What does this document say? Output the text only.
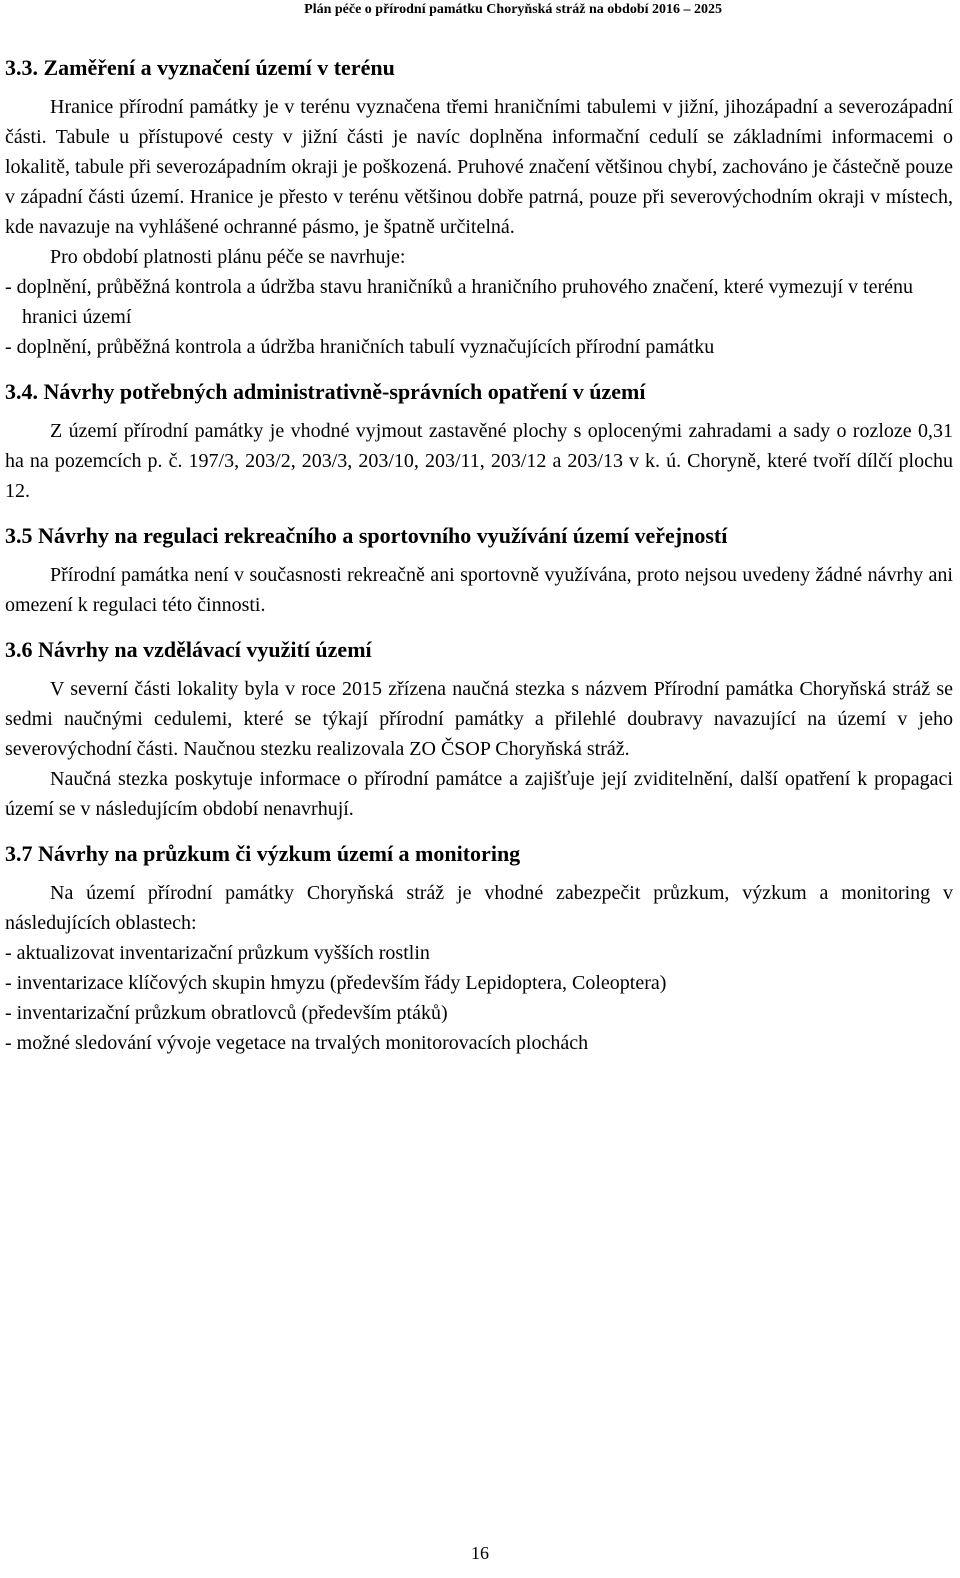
Plán péče o přírodní památku Choryňská stráž na období 2016 – 2025
3.3. Zaměření a vyznačení území v terénu

Hranice přírodní památky je v terénu vyznačena třemi hraničními tabulemi v jižní, jihozápadní a severozápadní části. Tabule u přístupové cesty v jižní části je navíc doplněna informační cedulí se základními informacemi o lokalitě, tabule při severozápadním okraji je poškozená. Pruhové značení většinou chybí, zachováno je částečně pouze v západní části území. Hranice je přesto v terénu většinou dobře patrná, pouze při severovýchodním okraji v místech, kde navazuje na vyhlášené ochranné pásmo, je špatně určitelná.

Pro období platnosti plánu péče se navrhuje:

- doplnění, průběžná kontrola a údržba stavu hraničníků a hraničního pruhového značení, které vymezují v terénu hranici území
- doplnění, průběžná kontrola a údržba hraničních tabulí vyznačujících přírodní památku
3.4. Návrhy potřebných administrativně-správních opatření v území

Z území přírodní památky je vhodné vyjmout zastavěné plochy s oplocenými zahradami a sady o rozloze 0,31 ha na pozemcích p. č. 197/3, 203/2, 203/3, 203/10, 203/11, 203/12 a 203/13 v k. ú. Choryně, které tvoří dílčí plochu 12.

3.5 Návrhy na regulaci rekreačního a sportovního využívání území veřejností

Přírodní památka není v současnosti rekreačně ani sportovně využívána, proto nejsou uvedeny žádné návrhy ani omezení k regulaci této činnosti.

3.6 Návrhy na vzdělávací využití území

V severní části lokality byla v roce 2015 zřízena naučná stezka s názvem Přírodní památka Choryňská stráž se sedmi naučnými cedulemi, které se týkají přírodní památky a přilehlé doubravy navazující na území v jeho severovýchodní části. Naučnou stezku realizovala ZO ČSOP Choryňská stráž.

Naučná stezka poskytuje informace o přírodní památce a zajišťuje její zviditelnění, další opatření k propagaci území se v následujícím období nenavrhují.

3.7 Návrhy na průzkum či výzkum území a monitoring

Na území přírodní památky Choryňská stráž je vhodné zabezpečit průzkum, výzkum a monitoring v následujících oblastech:

- aktualizovat inventarizační průzkum vyšších rostlin
- inventarizace klíčových skupin hmyzu (především řády Lepidoptera, Coleoptera)
- inventarizační průzkum obratlovců (především ptáků)
- možné sledování vývoje vegetace na trvalých monitorovacích plochách
16
